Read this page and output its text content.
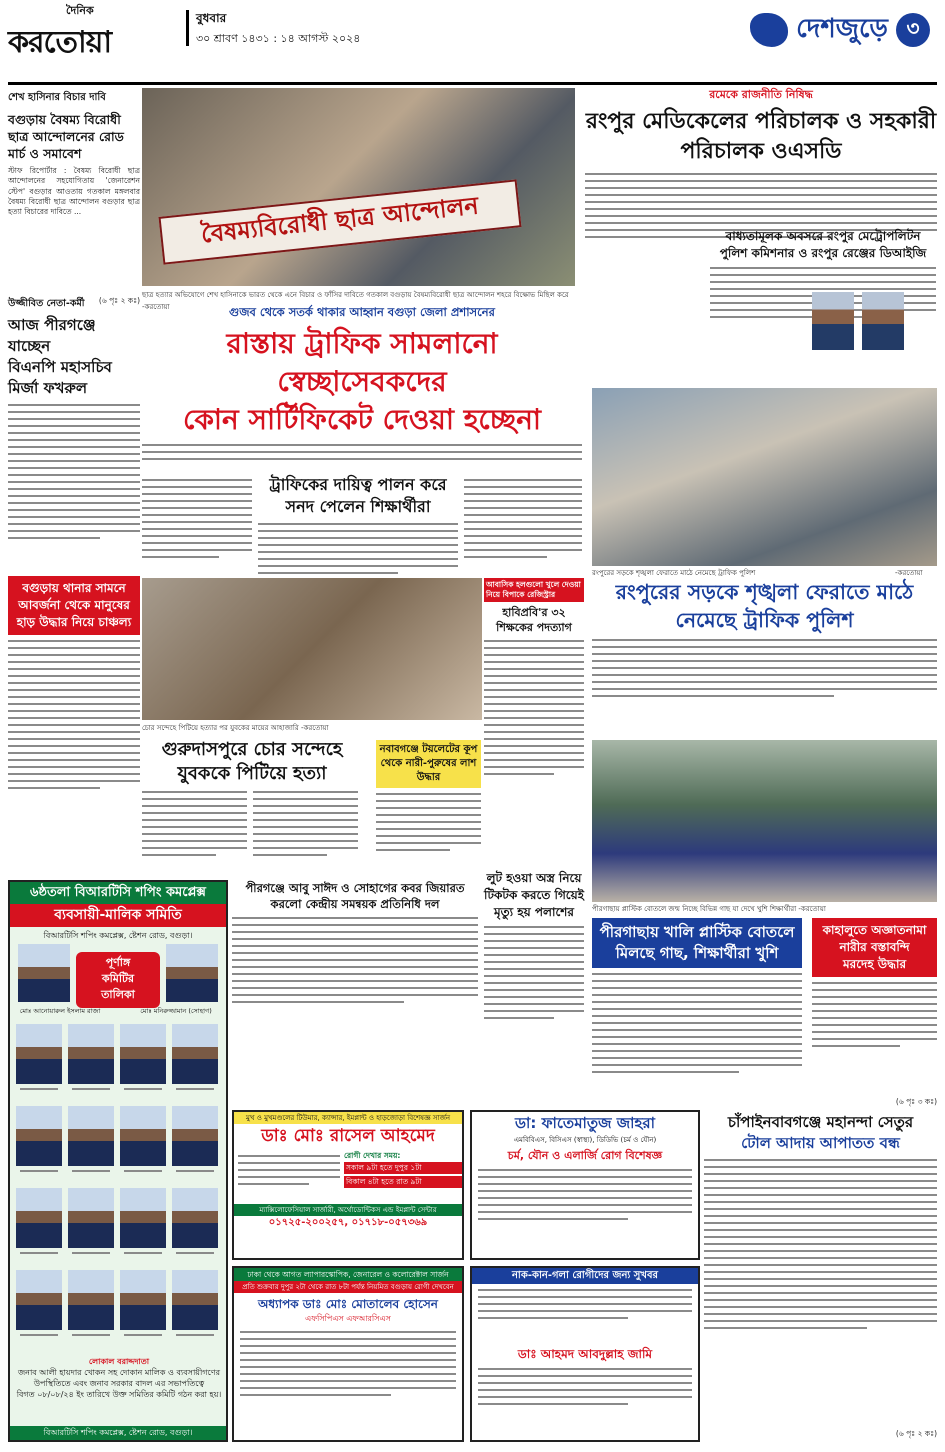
দৈনিক
করতোয়া
বুধবার
৩০ শ্রাবণ ১৪৩১ : ১৪ আগস্ট ২০২৪	দেশজুড়ে ৩
শেখ হাসিনার বিচার দাবি
বগুড়ায় বৈষম্য বিরোধী ছাত্র আন্দোলনের রোড মার্চ ও সমাবেশ
স্টাফ রিপোর্টার : বৈষম্য বিরোধী ছাত্র আন্দোলনের সহযোগিতায় 'জেনারেশন স্টেপ' বগুড়ার আওতায় গতকাল মঙ্গলবার বৈষম্য বিরোধী ছাত্র আন্দোলন বগুড়ার ছাত্র হত্যা বিচারের দাবিতে ...
(৬ পৃঃ ২ কঃ)
বৈষম্যবিরোধী ছাত্র আন্দোলন
ছাত্র হত্যার অভিযোগে শেখ হাসিনাকে ভারত থেকে এনে বিচার ও ফাঁসির দাবিতে গতকাল বগুড়ায় বৈষম্যবিরোধী ছাত্র আন্দোলন শহরে বিক্ষোভ মিছিল করে -করতোয়া
রমেকে রাজনীতি নিষিদ্ধ
রংপুর মেডিকেলের পরিচালক ও সহকারী পরিচালক ওএসডি
বাধ্যতামূলক অবসরে রংপুর মেট্রোপলিটন পুলিশ কমিশনার ও রংপুর রেঞ্জের ডিআইজি
উজ্জীবিত নেতা-কর্মী
আজ পীরগঞ্জে যাচ্ছেন
বিএনপি মহাসচিব
মির্জা ফখরুল
গুজব থেকে সতর্ক থাকার আহ্বান বগুড়া জেলা প্রশাসনের
রাস্তায় ট্রাফিক সামলানো স্বেচ্ছাসেবকদের
কোন সার্টিফিকেট দেওয়া হচ্ছেনা
ট্রাফিকের দায়িত্ব পালন করে
সনদ পেলেন শিক্ষার্থীরা
রংপুরের সড়কে শৃঙ্খলা ফেরাতে মাঠে নেমেছে ট্রাফিক পুলিশ	-করতোয়া
রংপুরের সড়কে শৃঙ্খলা ফেরাতে মাঠে নেমেছে ট্রাফিক পুলিশ
বগুড়ায় থানার সামনে আবর্জনা থেকে মানুষের হাড় উদ্ধার নিয়ে চাঞ্চল্য
চোর সন্দেহে পিটিয়ে হত্যার পর যুবকের মায়ের আহাজারি -করতোয়া
আবাসিক হলগুলো খুলে দেওয়া নিয়ে বিপাকে রেজিস্ট্রার
হাবিপ্রবি'র ৩২ শিক্ষকের পদত্যাগ
গুরুদাসপুরে চোর সন্দেহে
যুবককে পিটিয়ে হত্যা
নবাবগঞ্জে টয়লেটের কূপ থেকে নারী-পুরুষের লাশ উদ্ধার
পীরগাছায় প্লাস্টিক বোতলে জন্ম নিচ্ছে বিভিন্ন গাছ যা দেখে খুশি শিক্ষার্থীরা -করতোয়া
লুট হওয়া অস্ত্র নিয়ে
টিকটক করতে গিয়েই
মৃত্যু হয় পলাশের
পীরগাছায় খালি প্লাস্টিক বোতলে
মিলছে গাছ, শিক্ষার্থীরা খুশি
কাহালুতে অজ্ঞাতনামা
নারীর বস্তাবন্দি
মরদেহ উদ্ধার
(৬ পৃঃ ৩ কঃ)
পীরগঞ্জে আবু সাঈদ ও সোহাগের কবর জিয়ারত
করলো কেন্দ্রীয় সমন্বয়ক প্রতিনিধি দল
চাঁপাইনবাবগঞ্জে মহানন্দা সেতুর
টোল আদায় আপাতত বন্ধ
(৬ পৃঃ ২ কঃ)
৬ষ্ঠতলা বিআরটিসি শপিং কমপ্লেক্স
ব্যবসায়ী-মালিক সমিতি
বিআরটিসি শপিং কমপ্লেক্স, ষ্টেশন রোড, বগুড়া।
পূর্ণাঙ্গ
কমিটির
তালিকা
মোঃ আনোয়ারুল ইসলাম রাজা	মোঃ মনিরুজ্জামান (সোহাগ)
লোকাল বরাদ্দদাতা
জনাব আলী হায়দার খোকন সহ দোকান মালিক ও ব্যবসায়ীগণের উপস্থিতিতে এবং জনাব সরকার বাদল এর সভাপতিত্বে
বিগত ০৮/০৮/২৪ ইং তারিখে উক্ত সমিতির কমিটি গঠন করা হয়।
বিআরটিসি শপিং কমপ্লেক্স, ষ্টেশন রোড, বগুড়া।
মুখ ও মুখমণ্ডলের টিউমার, ক্যান্সার, ইমপ্লান্ট ও হাড়জোড়া বিশেষজ্ঞ সার্জন
ডাঃ মোঃ রাসেল আহমেদ
রোগী দেখার সময়:
সকাল ৯টা হতে দুপুর ১টা
বিকাল ৪টা হতে রাত ৯টা
ম্যাক্সিলোফেসিয়াল সার্জারী, অর্থোডোন্টিকস এন্ড ইমপ্লান্ট সেন্টার
০১৭২৫-২০০২৫৭, ০১৭১৮-০৫৭৩৬৯
ডা: ফাতেমাতুজ জাহরা
এমবিবিএস, বিসিএস (স্বাস্থ্য), ডিডিভি (চর্ম ও যৌন)
চর্ম, যৌন ও এলার্জি রোগ বিশেষজ্ঞ
ঢাকা থেকে আগত ল্যাপারস্কোপিক, জেনারেল ও কলোরেক্টাল সার্জন
প্রতি শুক্রবার দুপুর ২টা থেকে রাত ৮টা পর্যন্ত নিয়মিত বগুড়ায় রোগী দেখবেন
অধ্যাপক ডাঃ মোঃ মোতালেব হোসেন
এফসিপিএস এফআরসিএস
নাক-কান-গলা রোগীদের জন্য সুখবর
ডাঃ আহমদ আবদুল্লাহ জামি
